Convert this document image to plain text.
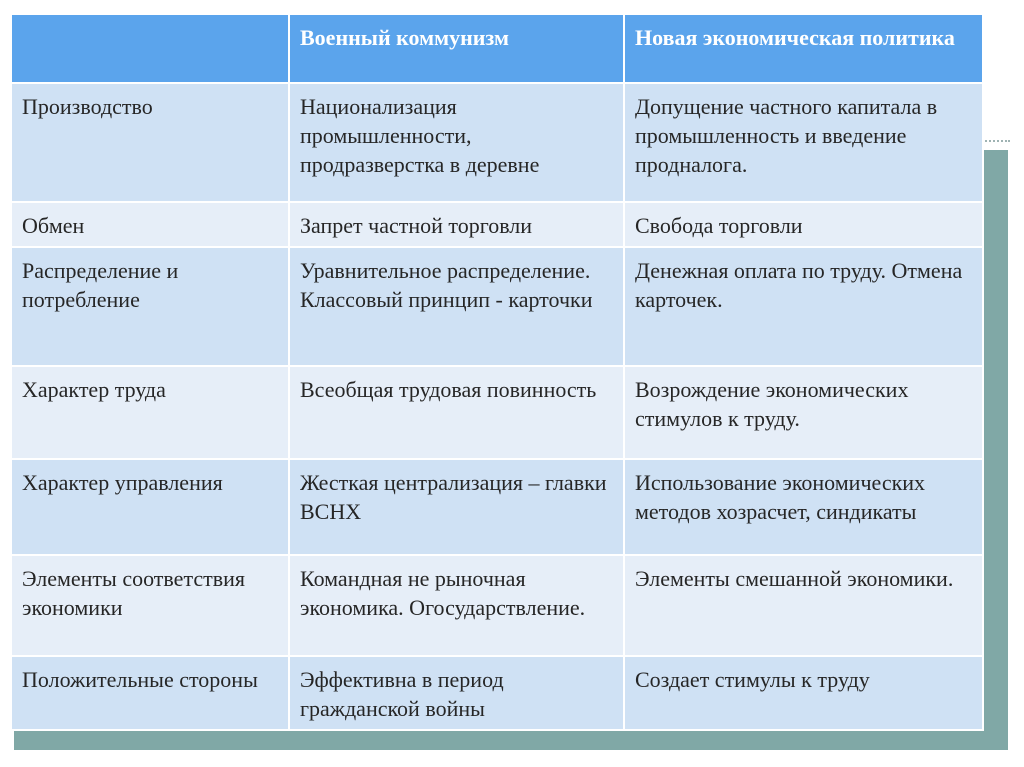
	Военный коммунизм	Новая экономическая политика
Производство	Национализация промышленности, продразверстка в деревне	Допущение частного капитала в промышленность и введение продналога.
Обмен	Запрет частной торговли	Свобода торговли
Распределение и потребление	Уравнительное распределение. Классовый принцип - карточки	Денежная оплата по труду. Отмена карточек.
Характер труда	Всеобщая трудовая повинность	Возрождение экономических стимулов к труду.
Характер управления	Жесткая централизация – главки ВСНХ	Использование экономических методов хозрасчет, синдикаты
Элементы соответствия экономики	Командная не рыночная экономика. Огосударствление.	Элементы смешанной экономики.
Положительные стороны	Эффективна в период гражданской войны	Создает стимулы к труду
